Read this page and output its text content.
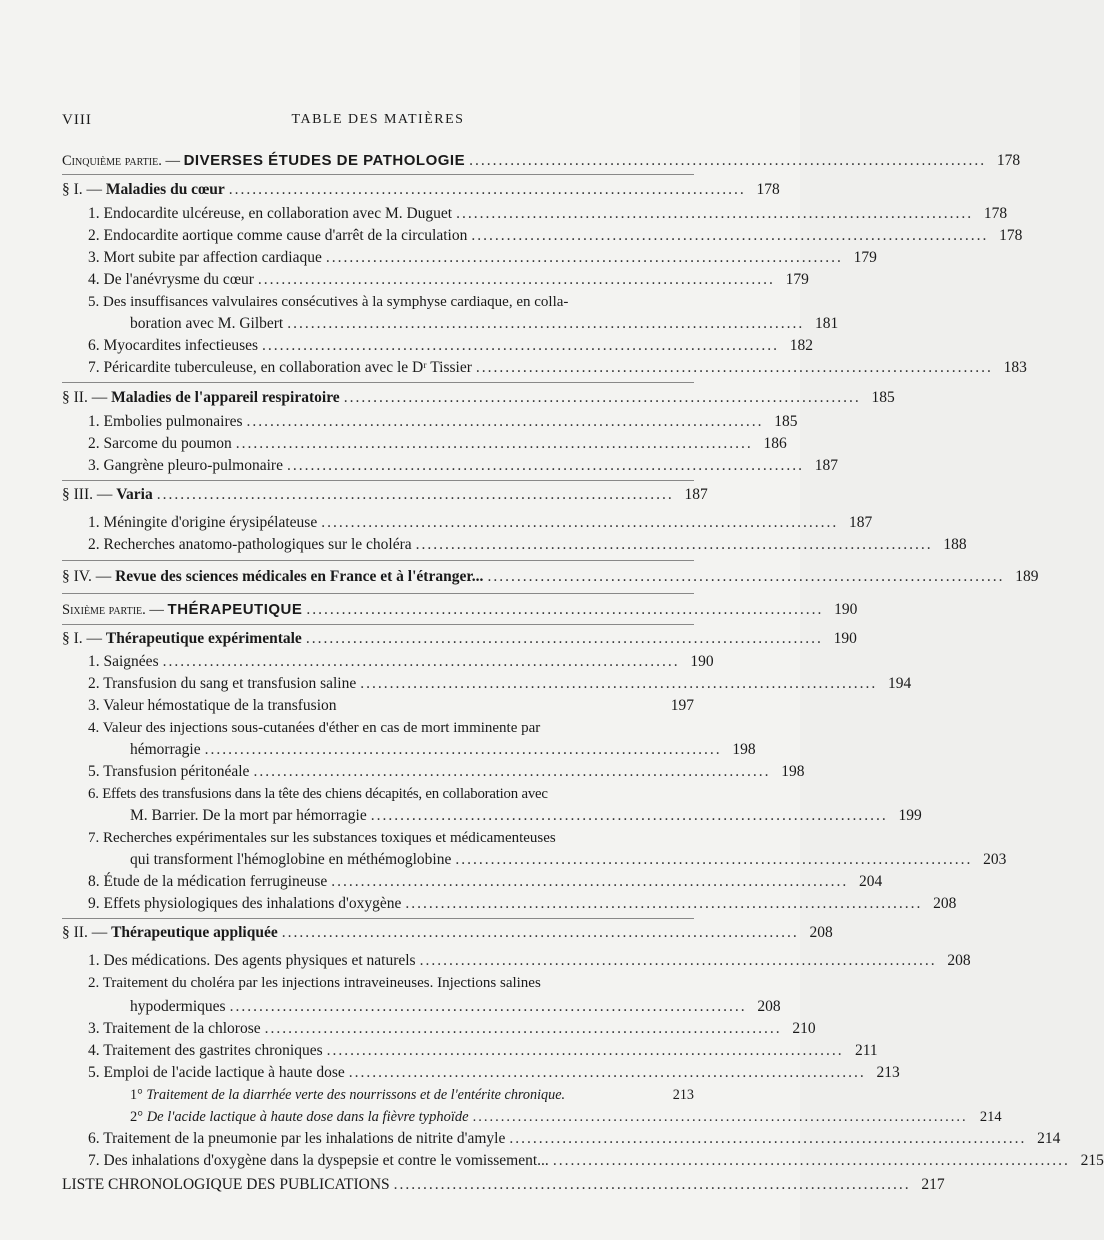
VIII	TABLE DES MATIÈRES
Cinquième partie. — DIVERSES ÉTUDES DE PATHOLOGIE ........................................................................................ 178
§ I. — Maladies du cœur ........................................................................................ 178
1. Endocardite ulcéreuse, en collaboration avec M. Duguet ........................................................................................ 178
2. Endocardite aortique comme cause d'arrêt de la circulation ........................................................................................ 178
3. Mort subite par affection cardiaque ........................................................................................ 179
4. De l'anévrysme du cœur ........................................................................................ 179
5. Des insuffisances valvulaires consécutives à la symphyse cardiaque, en colla-
boration avec M. Gilbert ........................................................................................ 181
6. Myocardites infectieuses ........................................................................................ 182
7. Péricardite tuberculeuse, en collaboration avec le Dʳ Tissier ........................................................................................ 183
§ II. — Maladies de l'appareil respiratoire ........................................................................................ 185
1. Embolies pulmonaires ........................................................................................ 185
2. Sarcome du poumon ........................................................................................ 186
3. Gangrène pleuro-pulmonaire ........................................................................................ 187
§ III. — Varia ........................................................................................ 187
1. Méningite d'origine érysipélateuse ........................................................................................ 187
2. Recherches anatomo-pathologiques sur le choléra ........................................................................................ 188
§ IV. — Revue des sciences médicales en France et à l'étranger... ........................................................................................ 189
Sixième partie. — THÉRAPEUTIQUE ........................................................................................ 190
§ I. — Thérapeutique expérimentale ........................................................................................ 190
1. Saignées ........................................................................................ 190
2. Transfusion du sang et transfusion saline ........................................................................................ 194
3. Valeur hémostatique de la transfusion	197
4. Valeur des injections sous-cutanées d'éther en cas de mort imminente par
hémorragie ........................................................................................ 198
5. Transfusion péritonéale ........................................................................................ 198
6. Effets des transfusions dans la tête des chiens décapités, en collaboration avec
M. Barrier. De la mort par hémorragie ........................................................................................ 199
7. Recherches expérimentales sur les substances toxiques et médicamenteuses
qui transforment l'hémoglobine en méthémoglobine ........................................................................................ 203
8. Étude de la médication ferrugineuse ........................................................................................ 204
9. Effets physiologiques des inhalations d'oxygène ........................................................................................ 208
§ II. — Thérapeutique appliquée ........................................................................................ 208
1. Des médications. Des agents physiques et naturels ........................................................................................ 208
2. Traitement du choléra par les injections intraveineuses. Injections salines
hypodermiques ........................................................................................ 208
3. Traitement de la chlorose ........................................................................................ 210
4. Traitement des gastrites chroniques ........................................................................................ 211
5. Emploi de l'acide lactique à haute dose ........................................................................................ 213
1° Traitement de la diarrhée verte des nourrissons et de l'entérite chronique.	213
2° De l'acide lactique à haute dose dans la fièvre typhoïde ........................................................................................ 214
6. Traitement de la pneumonie par les inhalations de nitrite d'amyle ........................................................................................ 214
7. Des inhalations d'oxygène dans la dyspepsie et contre le vomissement... ........................................................................................ 215
LISTE CHRONOLOGIQUE DES PUBLICATIONS ........................................................................................ 217
